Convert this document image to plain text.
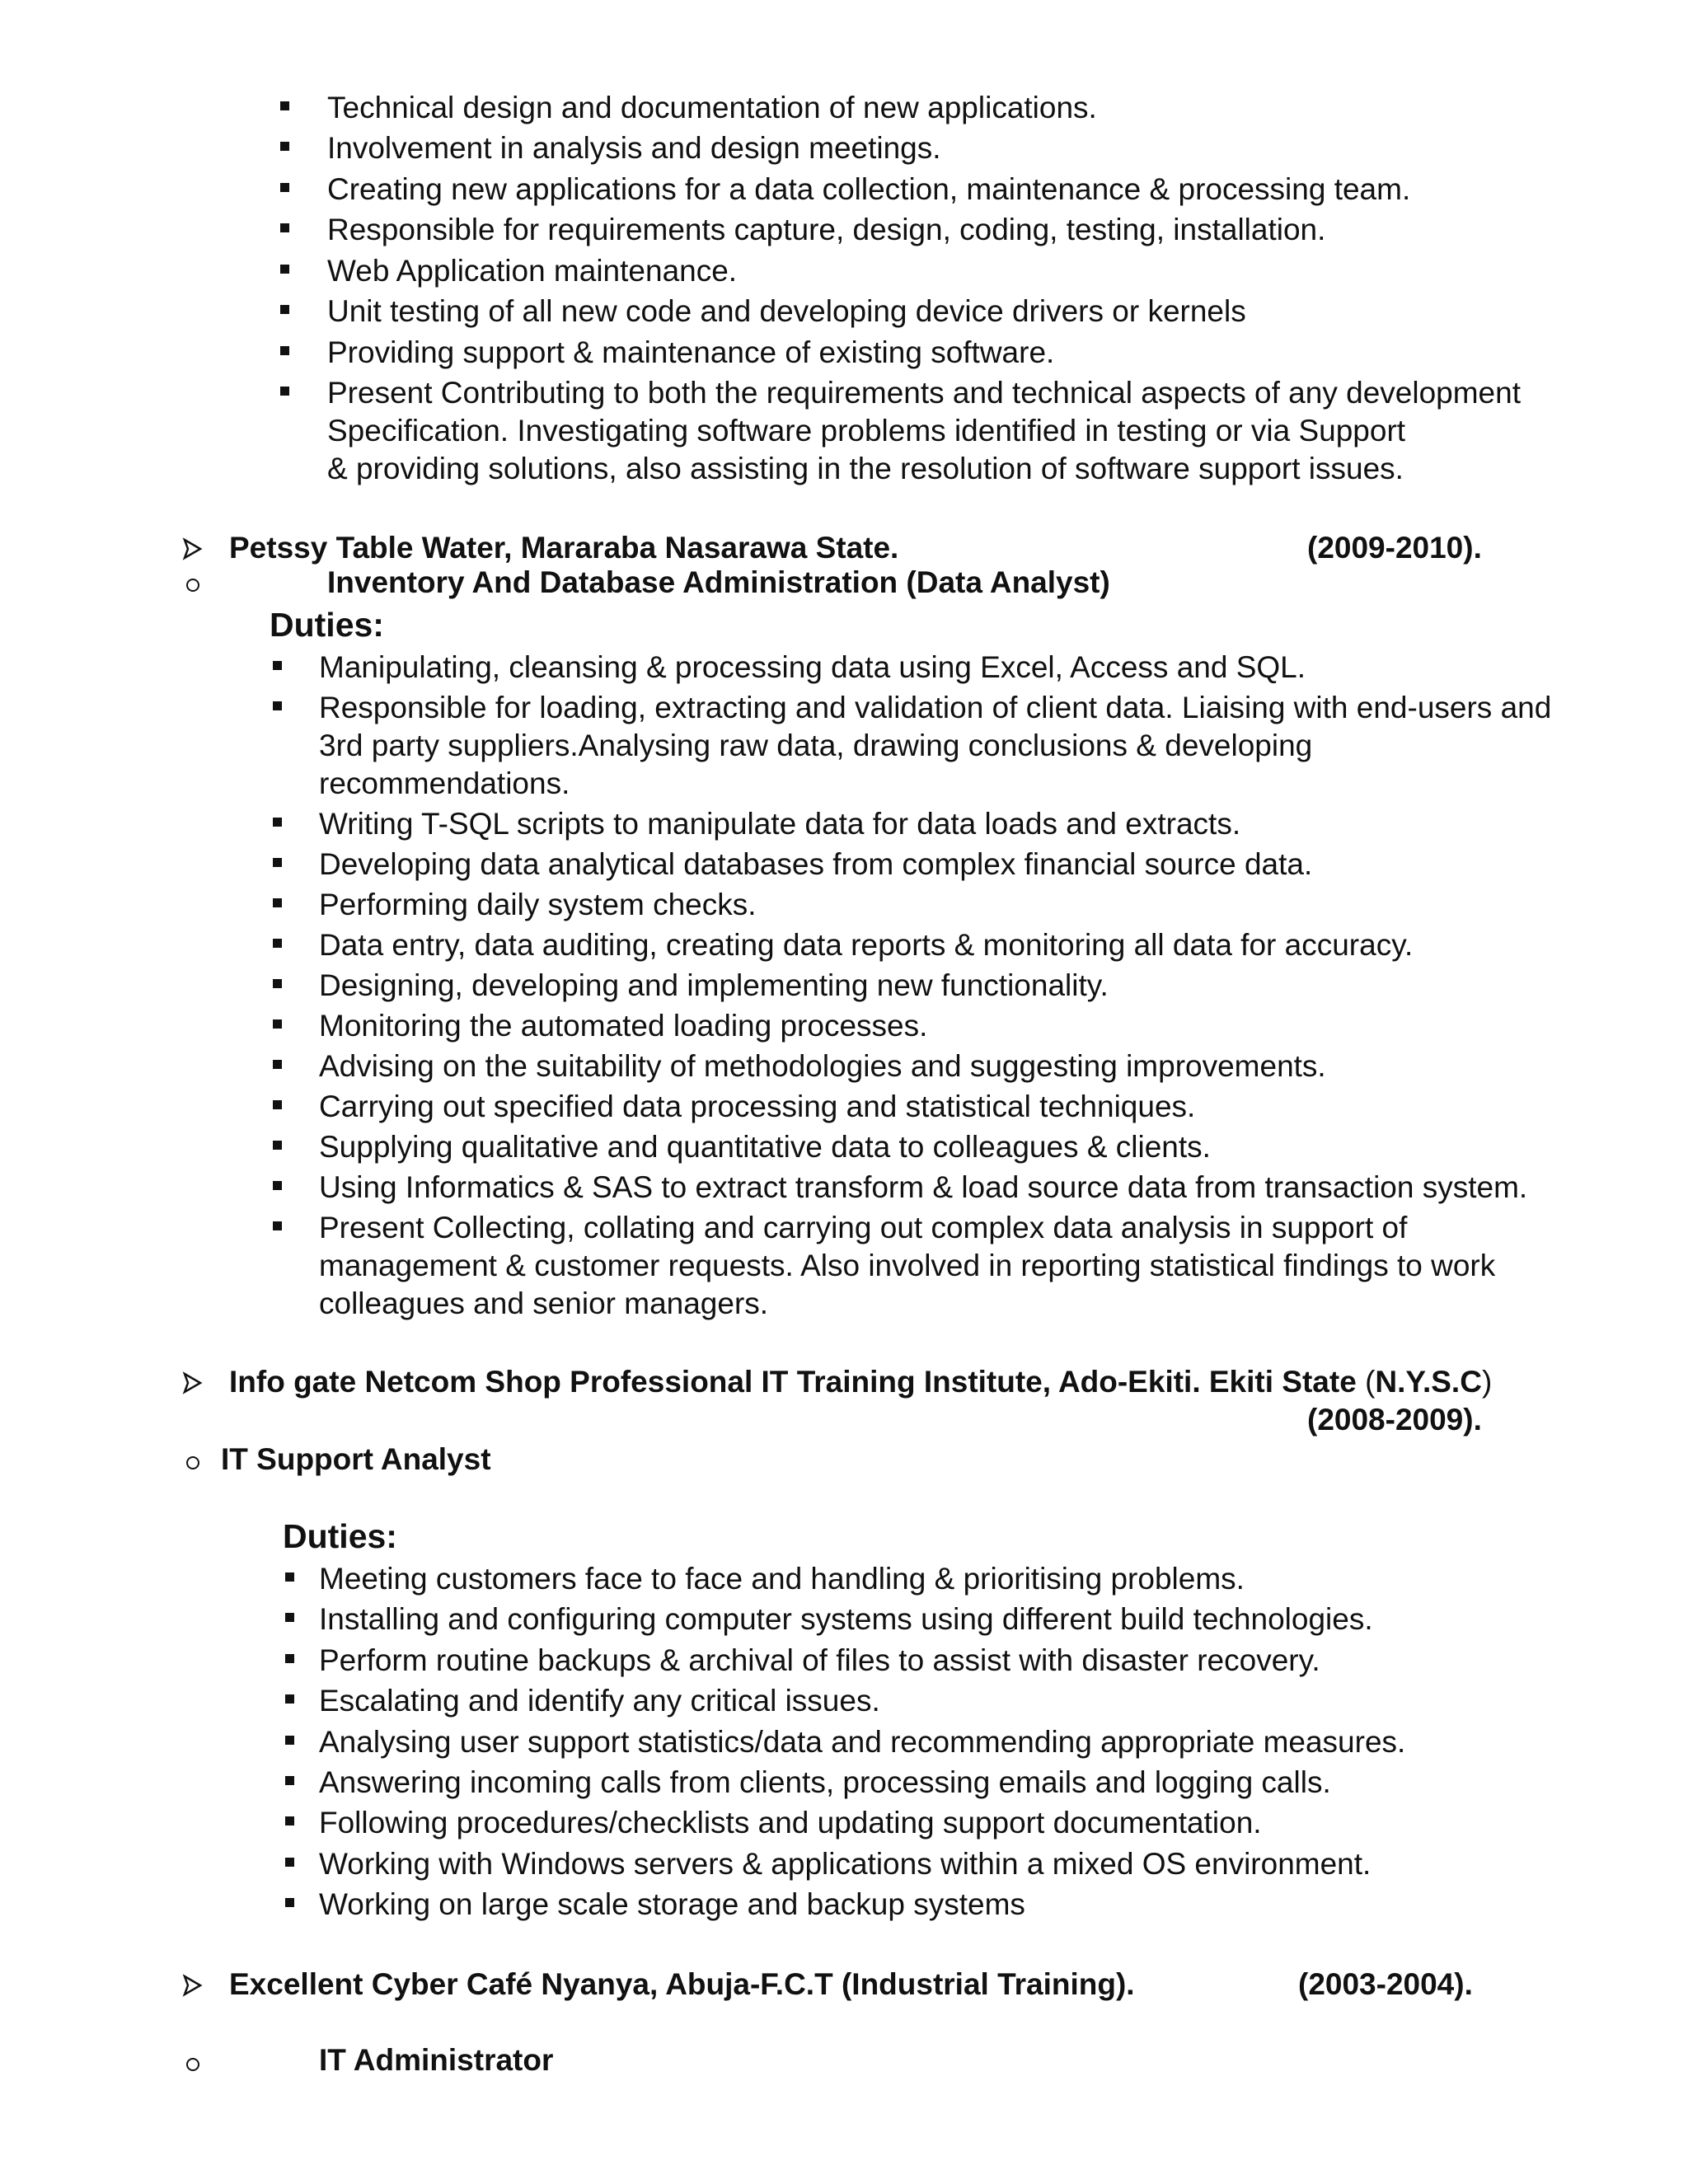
Technical design and documentation of new applications.
Involvement in analysis and design meetings.
Creating new applications for a data collection, maintenance & processing team.
Responsible for requirements capture, design, coding, testing, installation.
Web Application maintenance.
Unit testing of all new code and developing device drivers or kernels
Providing support & maintenance of existing software.
Present Contributing to both the requirements and technical aspects of any development
Specification. Investigating software problems identified in testing or via Support
& providing solutions, also assisting in the resolution of software support issues.
Petssy Table Water, Mararaba Nasarawa State.	(2009-2010).
Inventory And Database Administration (Data Analyst)
Duties:
Manipulating, cleansing & processing data using Excel, Access and SQL.
Responsible for loading, extracting and validation of client data. Liaising with end-users and
3rd party suppliers.Analysing raw data, drawing conclusions & developing
recommendations.
Writing T-SQL scripts to manipulate data for data loads and extracts.
Developing data analytical databases from complex financial source data.
Performing daily system checks.
Data entry, data auditing, creating data reports & monitoring all data for accuracy.
Designing, developing and implementing new functionality.
Monitoring the automated loading processes.
Advising on the suitability of methodologies and suggesting improvements.
Carrying out specified data processing and statistical techniques.
Supplying qualitative and quantitative data to colleagues & clients.
Using Informatics & SAS to extract transform & load source data from transaction system.
Present Collecting, collating and carrying out complex data analysis in support of
management & customer requests. Also involved in reporting statistical findings to work
colleagues and senior managers.
Info gate Netcom Shop Professional IT Training Institute, Ado-Ekiti. Ekiti State (N.Y.S.C)
(2008-2009).
IT Support Analyst
Duties:
Meeting customers face to face and handling & prioritising problems.
Installing and configuring computer systems using different build technologies.
Perform routine backups & archival of files to assist with disaster recovery.
Escalating and identify any critical issues.
Analysing user support statistics/data and recommending appropriate measures.
Answering incoming calls from clients, processing emails and logging calls.
Following procedures/checklists and updating support documentation.
Working with Windows servers & applications within a mixed OS environment.
Working on large scale storage and backup systems
Excellent Cyber Café Nyanya, Abuja-F.C.T (Industrial Training).	(2003-2004).
IT Administrator
